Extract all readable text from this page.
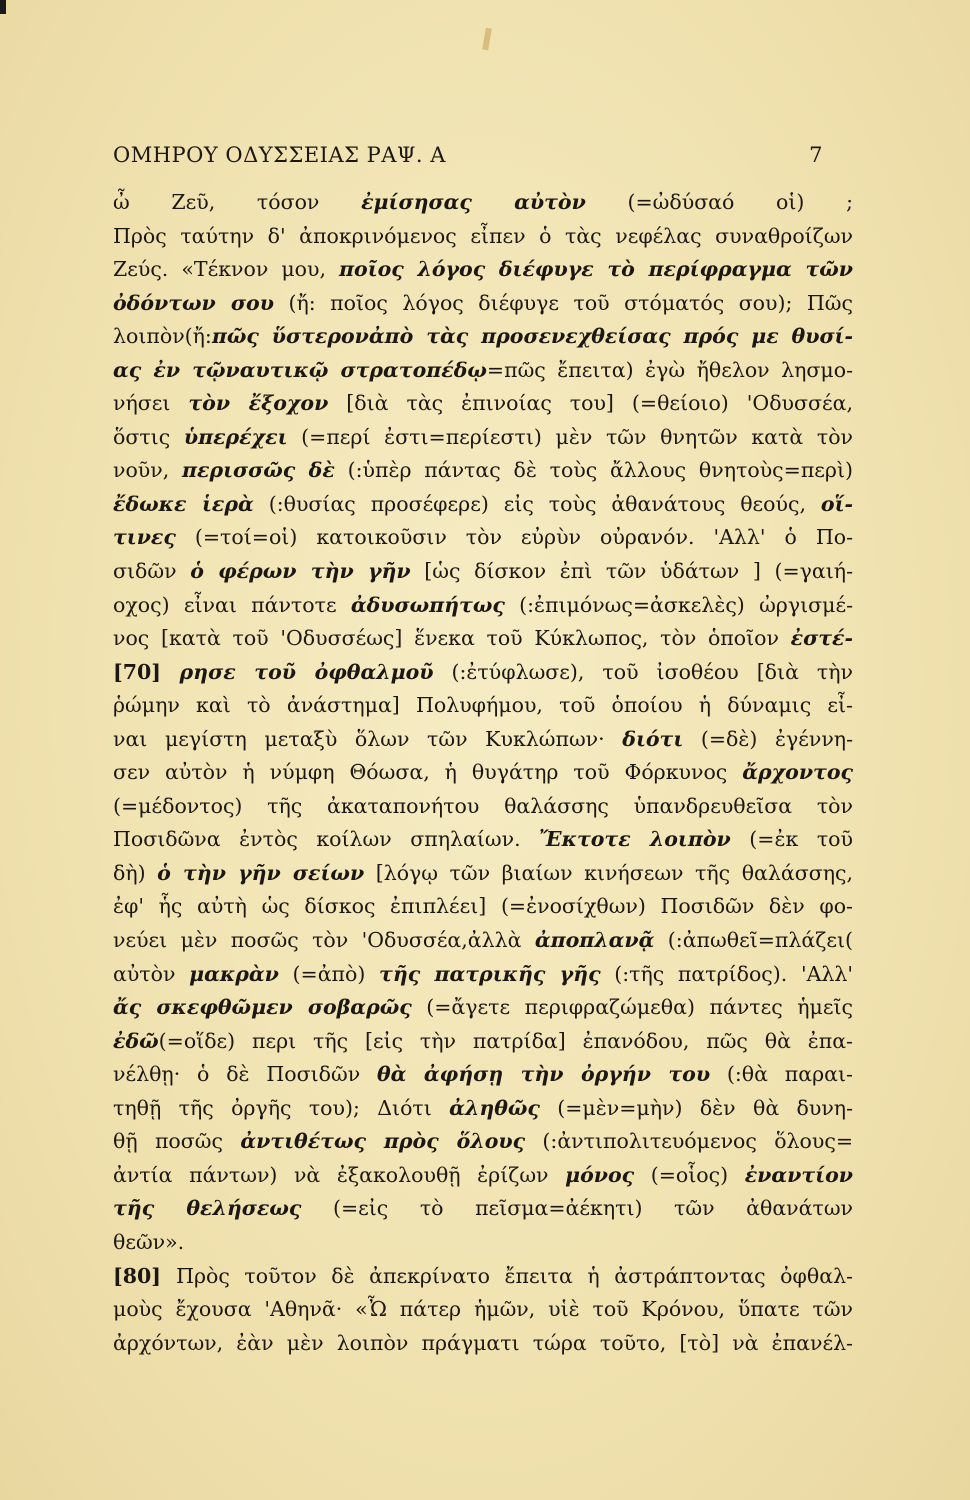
ΟΜΗΡΟΥ ΟΔΥΣΣΕΙΑΣ ΡΑΨ. Α	7
ὦ Ζεῦ, τόσον ἐμίσησας αὐτὸν (=ὠδύσαό οἱ) ;
Πρὸς ταύτην δ' ἀποκρινόμενος εἶπεν ὁ τὰς νεφέλας συναθροίζων
Ζεύς. «Τέκνον μου, ποῖος λόγος διέφυγε τὸ περίφραγμα τῶν
ὀδόντων σου (ἤ: ποῖος λόγος διέφυγε τοῦ στόματός σου); Πῶς
λοιπὸν(ἤ:πῶς ὕστερονἀπὸ τὰς προσενεχθείσας πρός με θυσί-
ας ἐν τῷναυτικῷ στρατοπέδῳ=πῶς ἔπειτα) ἐγὼ ἤθελον λησμο-
νήσει τὸν ἔξοχον [διὰ τὰς ἐπινοίας του] (=θείοιο) 'Οδυσσέα,
ὅστις ὑπερέχει (=περί ἐστι=περίεστι) μὲν τῶν θνητῶν κατὰ τὸν
νοῦν, περισσῶς δὲ (:ὑπὲρ πάντας δὲ τοὺς ἄλλους θνητοὺς=περὶ)
ἔδωκε ἱερὰ (:θυσίας προσέφερε) εἰς τοὺς ἀθανάτους θεούς, οἵ-
τινες (=τοί=οἱ) κατοικοῦσιν τὸν εὐρὺν οὐρανόν. 'Αλλ' ὁ Πο-
σιδῶν ὁ φέρων τὴν γῆν [ὡς δίσκον ἐπὶ τῶν ὑδάτων ] (=γαιή-
οχος) εἶναι πάντοτε ἀδυσωπήτως (:ἐπιμόνως=ἀσκελὲς) ὠργισμέ-
νος [κατὰ τοῦ 'Οδυσσέως] ἕνεκα τοῦ Κύκλωπος, τὸν ὁποῖον ἐστέ-
[70] ρησε τοῦ ὀφθαλμοῦ (:ἐτύφλωσε), τοῦ ἰσοθέου [διὰ τὴν
ῥώμην καὶ τὸ ἀνάστημα] Πολυφήμου, τοῦ ὁποίου ἡ δύναμις εἶ-
ναι μεγίστη μεταξὺ ὅλων τῶν Κυκλώπων· διότι (=δὲ) ἐγέννη-
σεν αὐτὸν ἡ νύμφη Θόωσα, ἡ θυγάτηρ τοῦ Φόρκυνος ἄρχοντος
(=μέδοντος) τῆς ἀκαταπονήτου θαλάσσης ὑπανδρευθεῖσα τὸν
Ποσιδῶνα ἐντὸς κοίλων σπηλαίων. Ἔκτοτε λοιπὸν (=ἐκ τοῦ
δὴ) ὁ τὴν γῆν σείων [λόγῳ τῶν βιαίων κινήσεων τῆς θαλάσσης,
ἐφ' ἧς αὐτὴ ὡς δίσκος ἐπιπλέει] (=ἐνοσίχθων) Ποσιδῶν δὲν φο-
νεύει μὲν ποσῶς τὸν 'Οδυσσέα,ἀλλὰ ἀποπλανᾷ (:ἀπωθεῖ=πλάζει(
αὐτὸν μακρὰν (=ἀπὸ) τῆς πατρικῆς γῆς (:τῆς πατρίδος). 'Αλλ'
ἄς σκεφθῶμεν σοβαρῶς (=ἄγετε περιφραζώμεθα) πάντες ἡμεῖς
ἐδῶ(=οἵδε) περι τῆς [εἰς τὴν πατρίδα] ἐπανόδου, πῶς θὰ ἐπα-
νέλθῃ· ὁ δὲ Ποσιδῶν θὰ ἀφήσῃ τὴν ὀργήν του (:θὰ παραι-
τηθῇ τῆς ὀργῆς του); Διότι ἀληθῶς (=μὲν=μὴν) δὲν θὰ δυνη-
θῇ ποσῶς ἀντιθέτως πρὸς ὅλους (:ἀντιπολιτευόμενος ὅλους=
ἀντία πάντων) νὰ ἐξακολουθῇ ἐρίζων μόνος (=οἷος) ἐναντίον
τῆς θελήσεως (=εἰς τὸ πεῖσμα=ἀέκητι) τῶν ἀθανάτων
θεῶν».
[80] Πρὸς τοῦτον δὲ ἀπεκρίνατο ἔπειτα ἡ ἀστράπτοντας ὀφθαλ-
μοὺς ἔχουσα 'Αθηνᾶ· «Ὦ πάτερ ἡμῶν, υἱὲ τοῦ Κρόνου, ὕπατε τῶν
ἀρχόντων, ἐὰν μὲν λοιπὸν πράγματι τώρα τοῦτο, [τὸ] νὰ ἐπανέλ-
